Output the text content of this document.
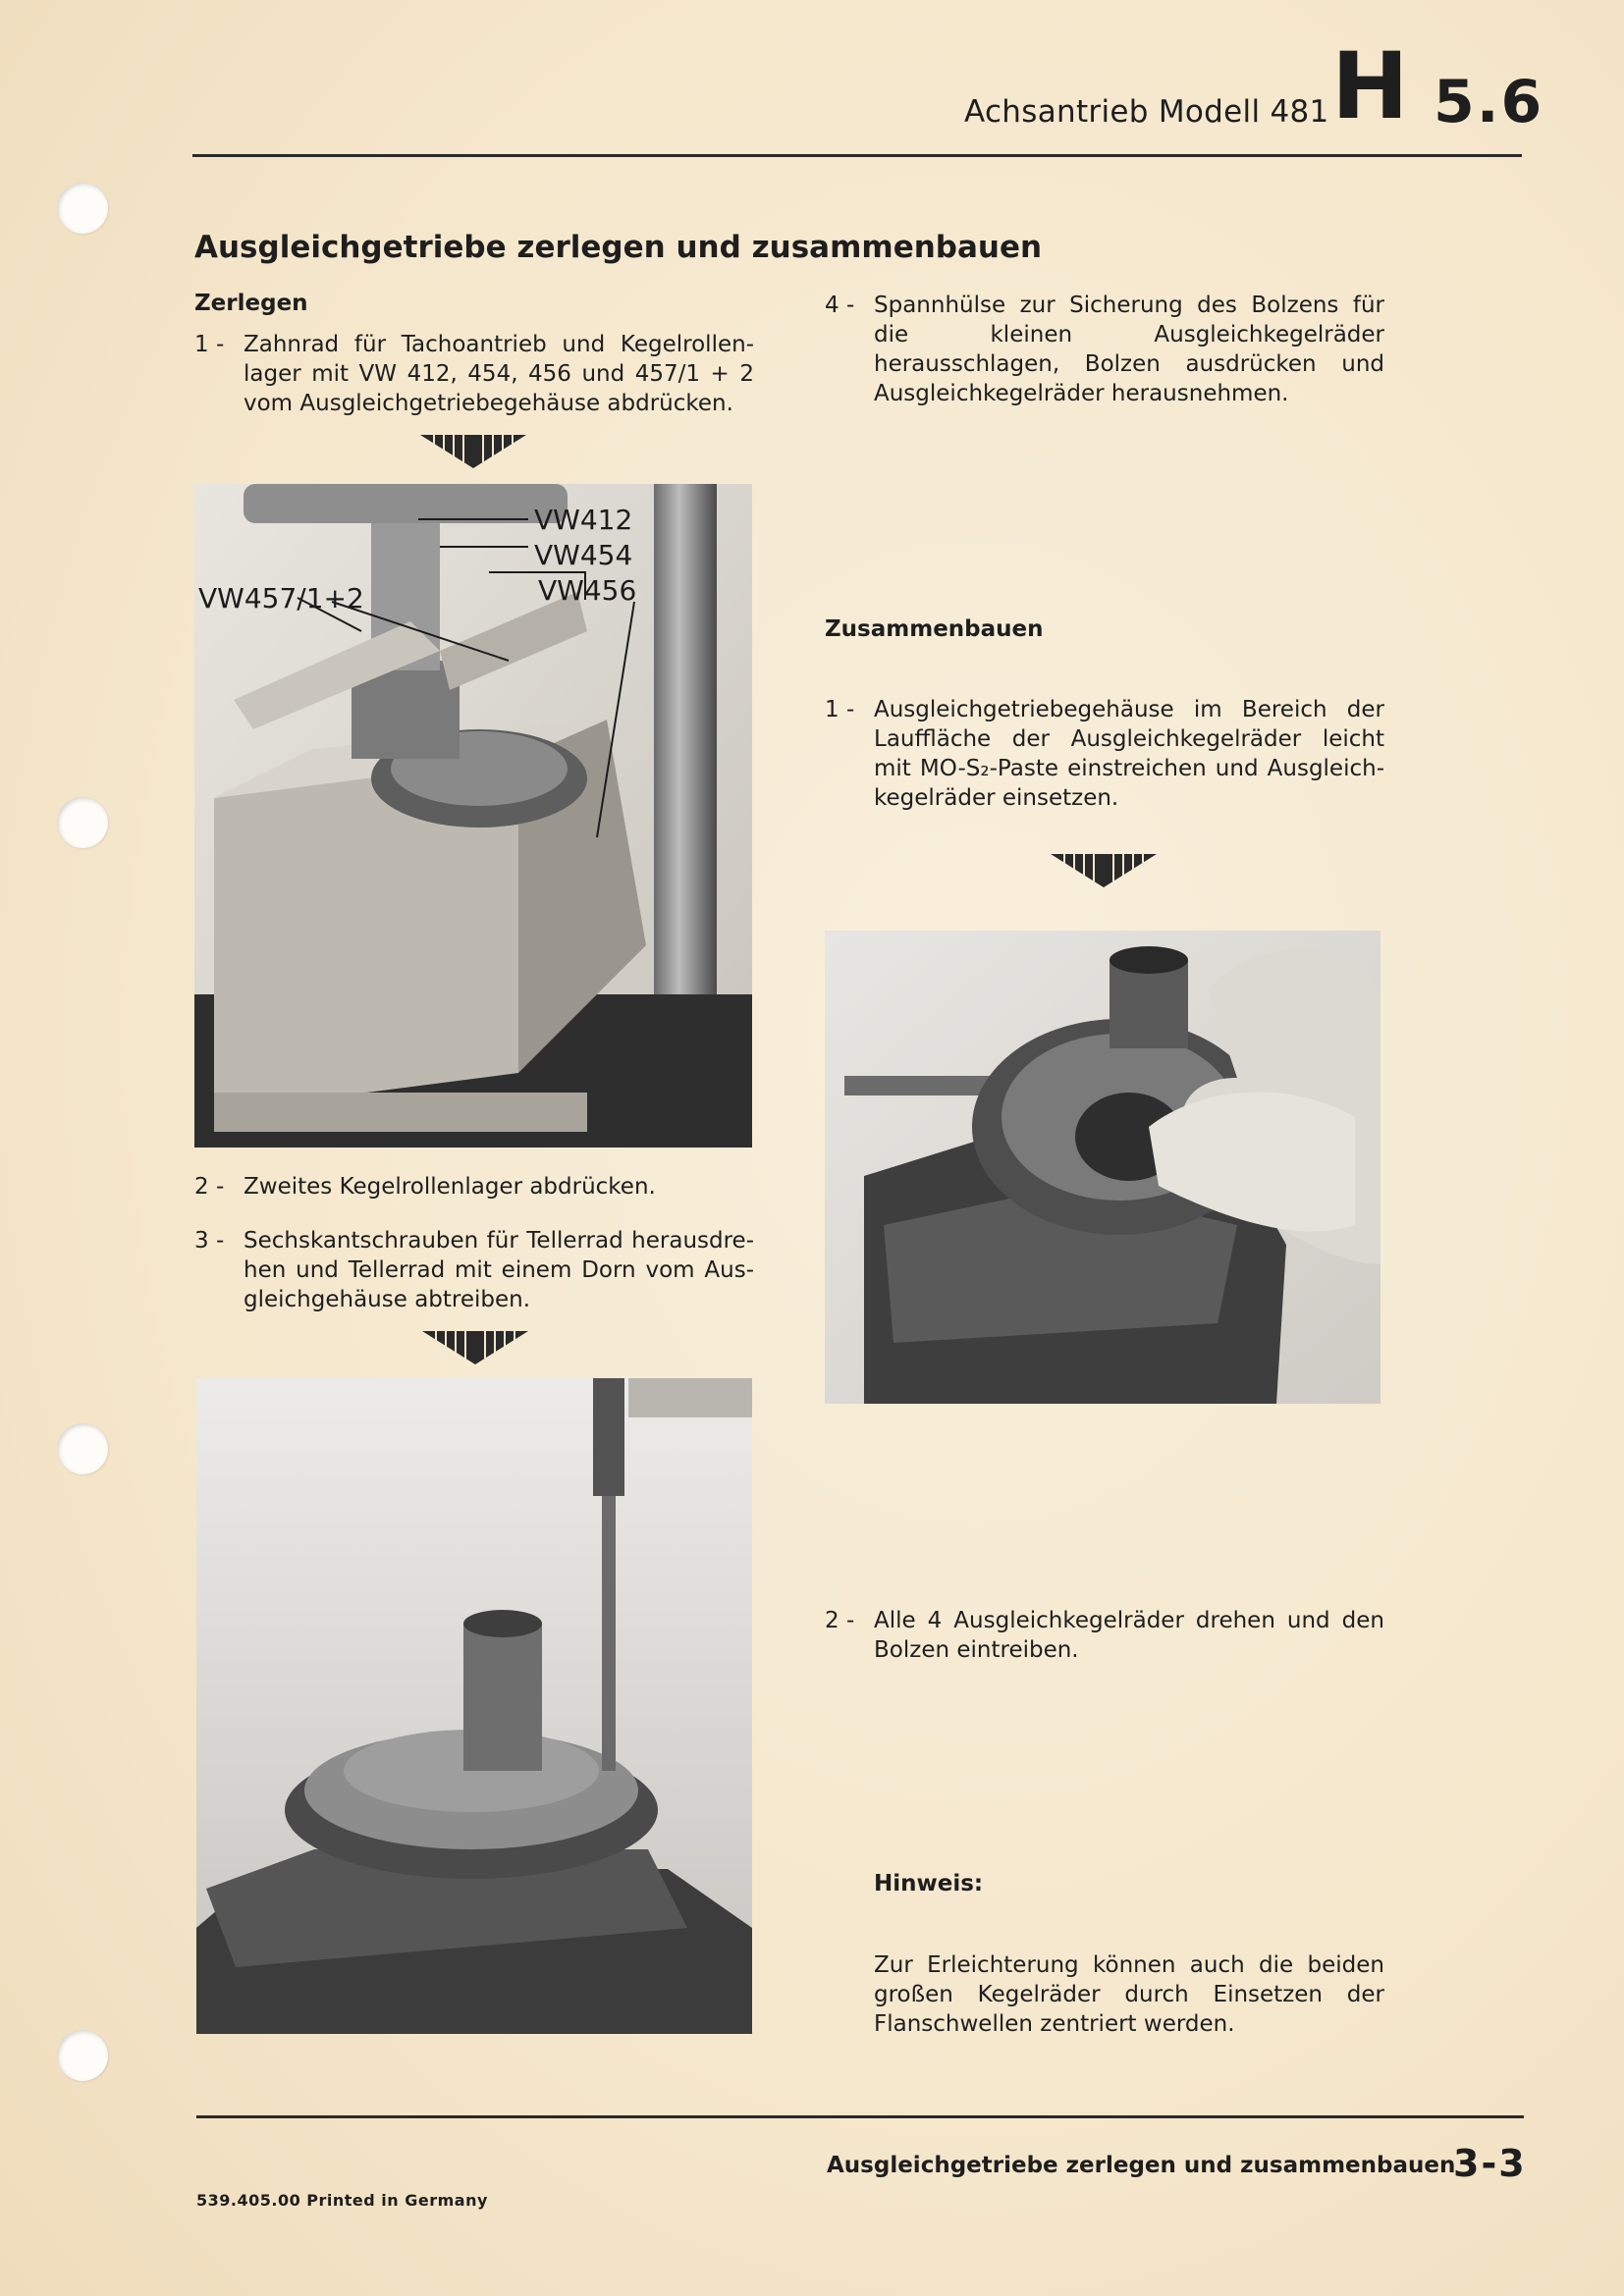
Achsantrieb Modell 481 H 5.6
Ausgleichgetriebe zerlegen und zusammenbauen
Zerlegen
1 - Zahnrad für Tachoantrieb und Kegelrollen-lager mit VW 412, 454, 456 und 457/1 + 2 vom Ausgleichgetriebegehäuse abdrücken.
VW412
VW454
VW456
VW457/1+2
2 - Zweites Kegelrollenlager abdrücken.
3 - Sechskantschrauben für Tellerrad herausdre-hen und Tellerrad mit einem Dorn vom Aus-gleichgehäuse abtreiben.
4 - Spannhülse zur Sicherung des Bolzens für die kleinen Ausgleichkegelräder herausschlagen, Bolzen ausdrücken und Ausgleichkegelräder herausnehmen.
Zusammenbauen
1 - Ausgleichgetriebegehäuse im Bereich der Lauffläche der Ausgleichkegelräder leicht mit MO-S₂-Paste einstreichen und Ausgleich-kegelräder einsetzen.
2 - Alle 4 Ausgleichkegelräder drehen und den Bolzen eintreiben.
Hinweis:
Zur Erleichterung können auch die beiden großen Kegelräder durch Einsetzen der Flanschwellen zentriert werden.
Ausgleichgetriebe zerlegen und zusammenbauen
3-3
539.405.00 Printed in Germany
